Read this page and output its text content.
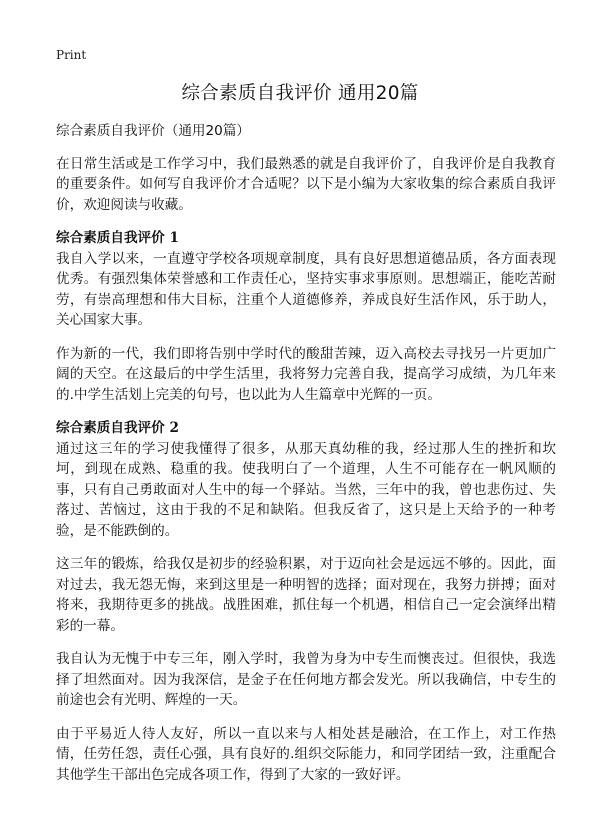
Print
综合素质自我评价 通用20篇

综合素质自我评价（通用20篇）

在日常生活或是工作学习中，我们最熟悉的就是自我评价了，自我评价是自我教育的重要条件。如何写自我评价才合适呢？以下是小编为大家收集的综合素质自我评价，欢迎阅读与收藏。

综合素质自我评价 1

我自入学以来，一直遵守学校各项规章制度，具有良好思想道德品质，各方面表现优秀。有强烈集体荣誉感和工作责任心，坚持实事求事原则。思想端正，能吃苦耐劳，有崇高理想和伟大目标，注重个人道德修养，养成良好生活作风，乐于助人，关心国家大事。

作为新的一代，我们即将告别中学时代的酸甜苦辣，迈入高校去寻找另一片更加广阔的天空。在这最后的中学生活里，我将努力完善自我，提高学习成绩，为几年来的.中学生活划上完美的句号，也以此为人生篇章中光辉的一页。

综合素质自我评价 2

通过这三年的学习使我懂得了很多，从那天真幼稚的我，经过那人生的挫折和坎坷，到现在成熟、稳重的我。使我明白了一个道理，人生不可能存在一帆风顺的事，只有自己勇敢面对人生中的每一个驿站。当然，三年中的我，曾也悲伤过、失落过、苦恼过，这由于我的不足和缺陷。但我反省了，这只是上天给予的一种考验，是不能跌倒的。

这三年的锻炼，给我仅是初步的经验积累，对于迈向社会是远远不够的。因此，面对过去，我无怨无悔，来到这里是一种明智的选择；面对现在，我努力拼搏；面对将来，我期待更多的挑战。战胜困难，抓住每一个机遇，相信自己一定会演绎出精彩的一幕。

我自认为无愧于中专三年，刚入学时，我曾为身为中专生而懊丧过。但很快，我选择了坦然面对。因为我深信，是金子在任何地方都会发光。所以我确信，中专生的前途也会有光明、辉煌的一天。

由于平易近人待人友好，所以一直以来与人相处甚是融洽，在工作上，对工作热情，任劳任怨，责任心强，具有良好的.组织交际能力，和同学团结一致，注重配合其他学生干部出色完成各项工作，得到了大家的一致好评。
